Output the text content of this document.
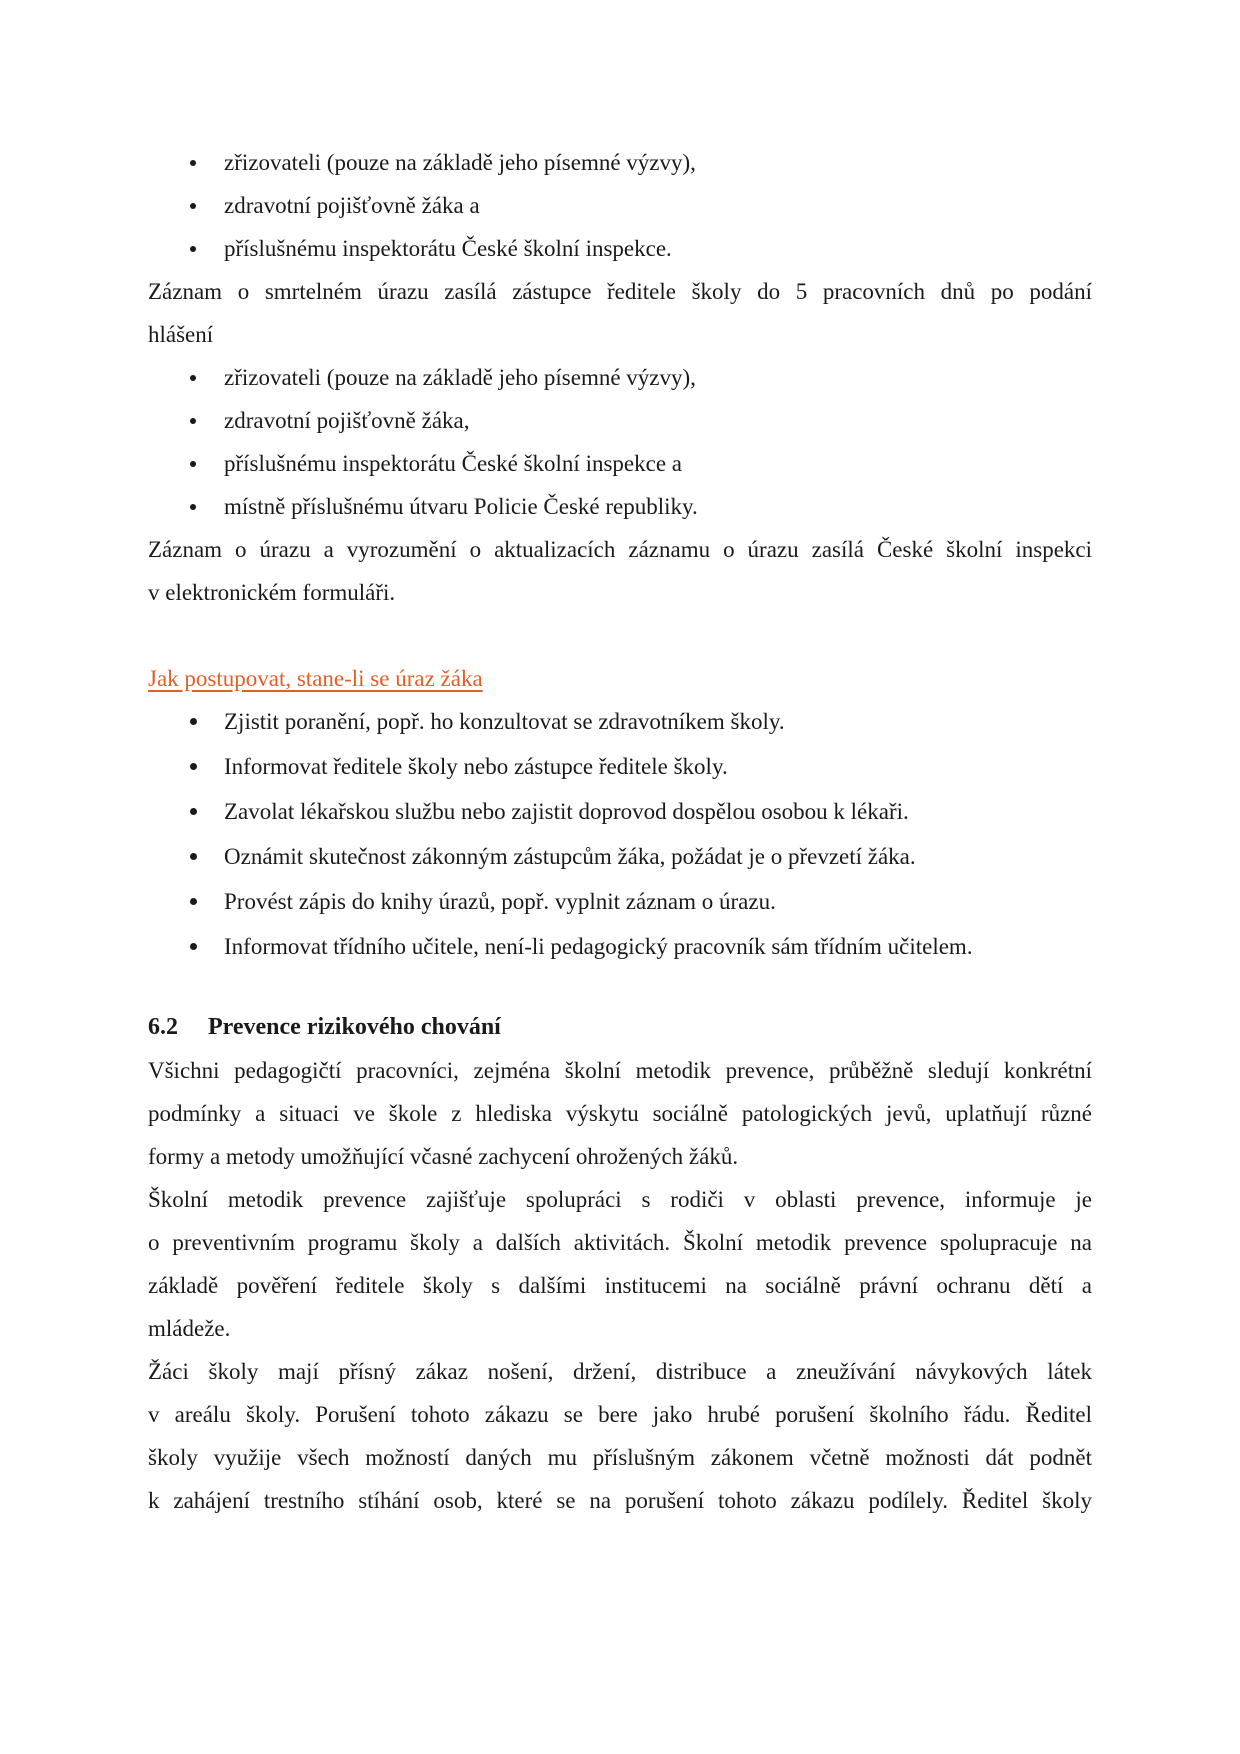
zřizovateli (pouze na základě jeho písemné výzvy),
zdravotní pojišťovně žáka a
příslušnému inspektorátu České školní inspekce.

Záznam o smrtelném úrazu zasílá zástupce ředitele školy do 5 pracovních dnů po podání
hlášení

zřizovateli (pouze na základě jeho písemné výzvy),
zdravotní pojišťovně žáka,
příslušnému inspektorátu České školní inspekce a
místně příslušnému útvaru Policie České republiky.

Záznam o úrazu a vyrozumění o aktualizacích záznamu o úrazu zasílá České školní inspekci
v elektronickém formuláři.

Jak postupovat, stane-li se úraz žáka
Zjistit poranění, popř. ho konzultovat se zdravotníkem školy.
Informovat ředitele školy nebo zástupce ředitele školy.
Zavolat lékařskou službu nebo zajistit doprovod dospělou osobou k lékaři.
Oznámit skutečnost zákonným zástupcům žáka, požádat je o převzetí žáka.
Provést zápis do knihy úrazů, popř. vyplnit záznam o úrazu.
Informovat třídního učitele, není-li pedagogický pracovník sám třídním učitelem.
6.2	Prevence rizikového chování

Všichni pedagogičtí pracovníci, zejména školní metodik prevence, průběžně sledují konkrétní
podmínky a situaci ve škole z hlediska výskytu sociálně patologických jevů, uplatňují různé
formy a metody umožňující včasné zachycení ohrožených žáků.

Školní metodik prevence zajišťuje spolupráci s rodiči v oblasti prevence, informuje je
o preventivním programu školy a dalších aktivitách. Školní metodik prevence spolupracuje na
základě pověření ředitele školy s dalšími institucemi na sociálně právní ochranu dětí a
mládeže.

Žáci školy mají přísný zákaz nošení, držení, distribuce a zneužívání návykových látek
v areálu školy. Porušení tohoto zákazu se bere jako hrubé porušení školního řádu. Ředitel
školy využije všech možností daných mu příslušným zákonem včetně možnosti dát podnět
k zahájení trestního stíhání osob, které se na porušení tohoto zákazu podílely. Ředitel školy
